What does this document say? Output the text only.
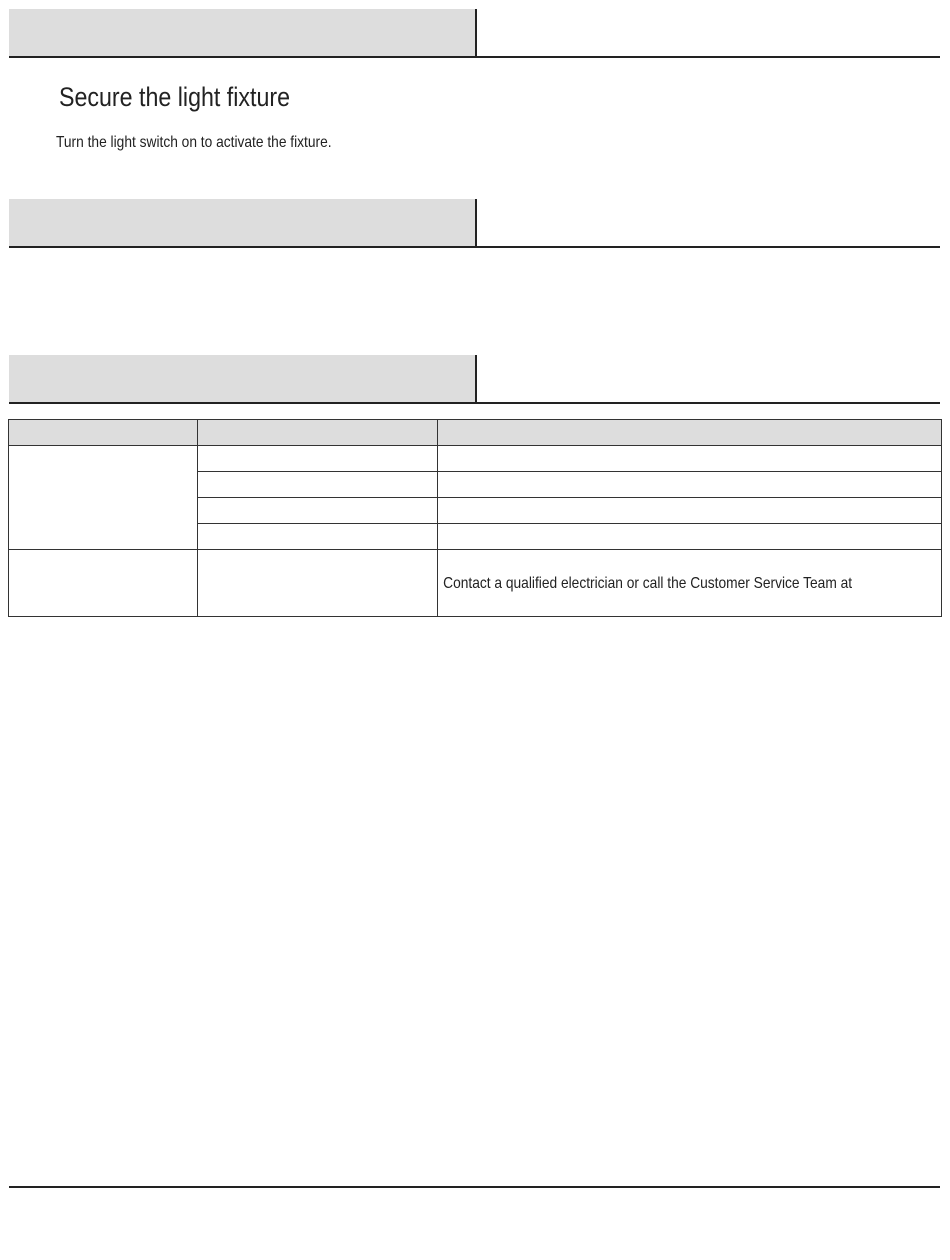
Secure the light fixture
Turn the light switch on to activate the fixture.

		Contact a qualified electrician or call the Customer Service Team at
